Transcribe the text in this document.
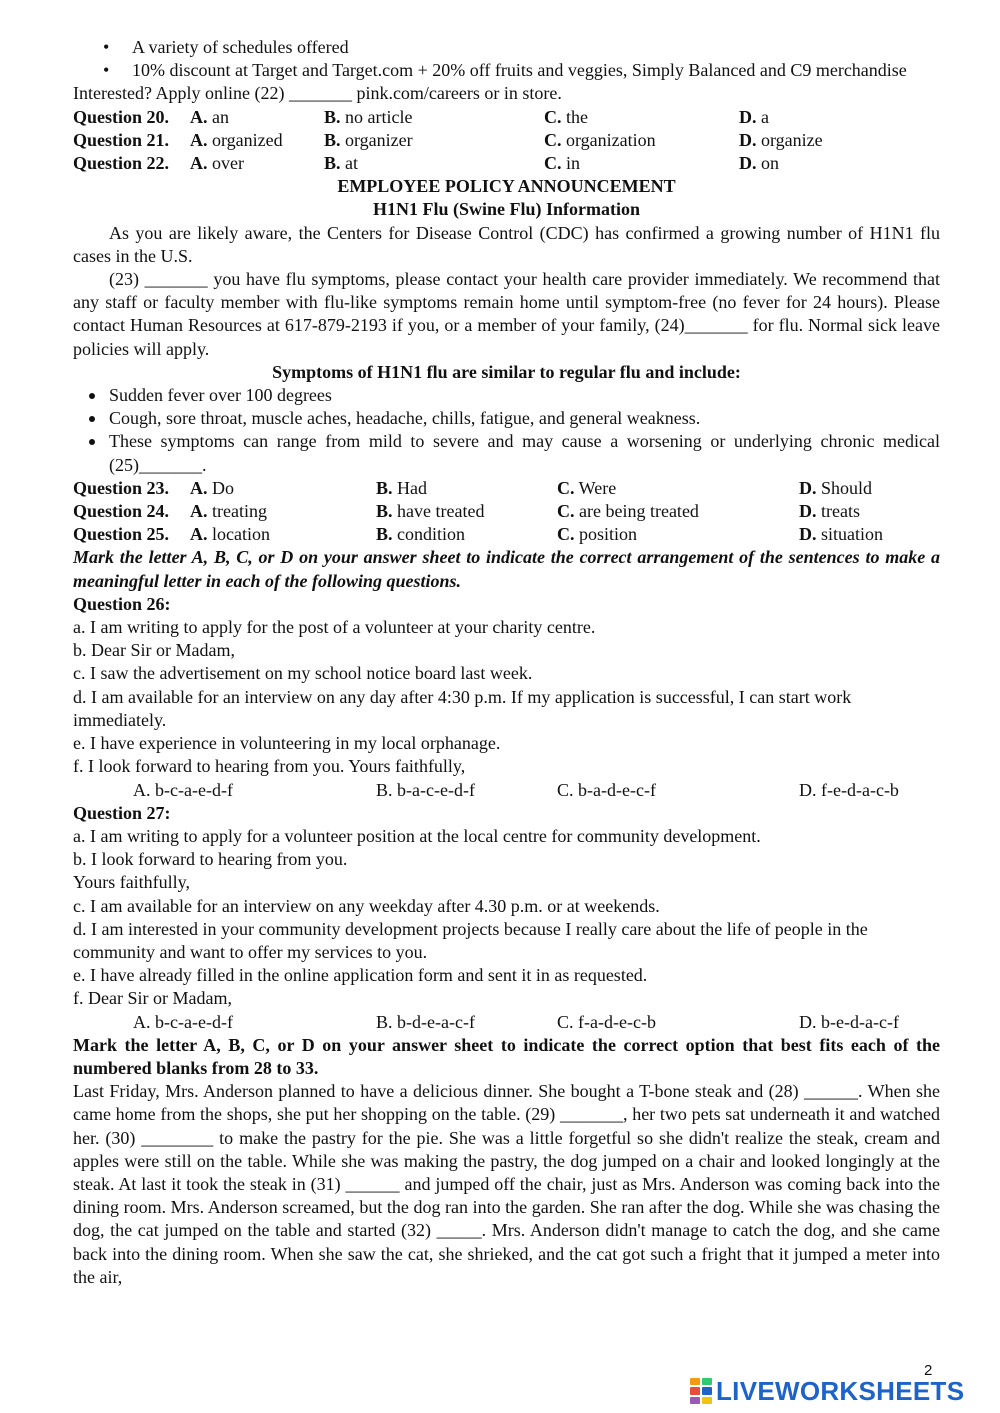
• A variety of schedules offered

• 10% discount at Target and Target.com + 20% off fruits and veggies, Simply Balanced and C9 merchandise

Interested? Apply online (22) _______ pink.com/careers or in store.

Question 20.	A. an	B. no article	C. the	D. a
Question 21.	A. organized	B. organizer	C. organization	D. organize
Question 22.	A. over	B. at	C. in	D. on

EMPLOYEE POLICY ANNOUNCEMENT

H1N1 Flu (Swine Flu) Information

As you are likely aware, the Centers for Disease Control (CDC) has confirmed a growing number of H1N1 flu cases in the U.S.

(23) _______ you have flu symptoms, please contact your health care provider immediately. We recommend that any staff or faculty member with flu-like symptoms remain home until symptom-free (no fever for 24 hours). Please contact Human Resources at 617-879-2193 if you, or a member of your family, (24)_______ for flu. Normal sick leave policies will apply.

Symptoms of H1N1 flu are similar to regular flu and include:

Sudden fever over 100 degrees

Cough, sore throat, muscle aches, headache, chills, fatigue, and general weakness.

These symptoms can range from mild to severe and may cause a worsening or underlying chronic medical (25)_______.

Question 23.	A. Do	B. Had	C. Were	D. Should
Question 24.	A. treating	B. have treated	C. are being treated	D. treats
Question 25.	A. location	B. condition	C. position	D. situation

Mark the letter A, B, C, or D on your answer sheet to indicate the correct arrangement of the sentences to make a meaningful letter in each of the following questions.

Question 26:

a. I am writing to apply for the post of a volunteer at your charity centre.

b. Dear Sir or Madam,

c. I saw the advertisement on my school notice board last week.

d. I am available for an interview on any day after 4:30 p.m. If my application is successful, I can start work immediately.

e. I have experience in volunteering in my local orphanage.

f. I look forward to hearing from you. Yours faithfully,

A. b-c-a-e-d-f	B. b-a-c-e-d-f	C. b-a-d-e-c-f	D. f-e-d-a-c-b

Question 27:

a. I am writing to apply for a volunteer position at the local centre for community development.

b. I look forward to hearing from you.

Yours faithfully,

c. I am available for an interview on any weekday after 4.30 p.m. or at weekends.

d. I am interested in your community development projects because I really care about the life of people in the community and want to offer my services to you.

e. I have already filled in the online application form and sent it in as requested.

f. Dear Sir or Madam,

A. b-c-a-e-d-f	B. b-d-e-a-c-f	C. f-a-d-e-c-b	D. b-e-d-a-c-f

Mark the letter A, B, C, or D on your answer sheet to indicate the correct option that best fits each of the numbered blanks from 28 to 33.

Last Friday, Mrs. Anderson planned to have a delicious dinner. She bought a T-bone steak and (28) ______. When she came home from the shops, she put her shopping on the table. (29) _______, her two pets sat underneath it and watched her. (30) ________ to make the pastry for the pie. She was a little forgetful so she didn't realize the steak, cream and apples were still on the table. While she was making the pastry, the dog jumped on a chair and looked longingly at the steak. At last it took the steak in (31) ______ and jumped off the chair, just as Mrs. Anderson was coming back into the dining room. Mrs. Anderson screamed, but the dog ran into the garden. She ran after the dog. While she was chasing the dog, the cat jumped on the table and started (32) _____. Mrs. Anderson didn't manage to catch the dog, and she came back into the dining room. When she saw the cat, she shrieked, and the cat got such a fright that it jumped a meter into the air,

2
LIVEWORKSHEETS
